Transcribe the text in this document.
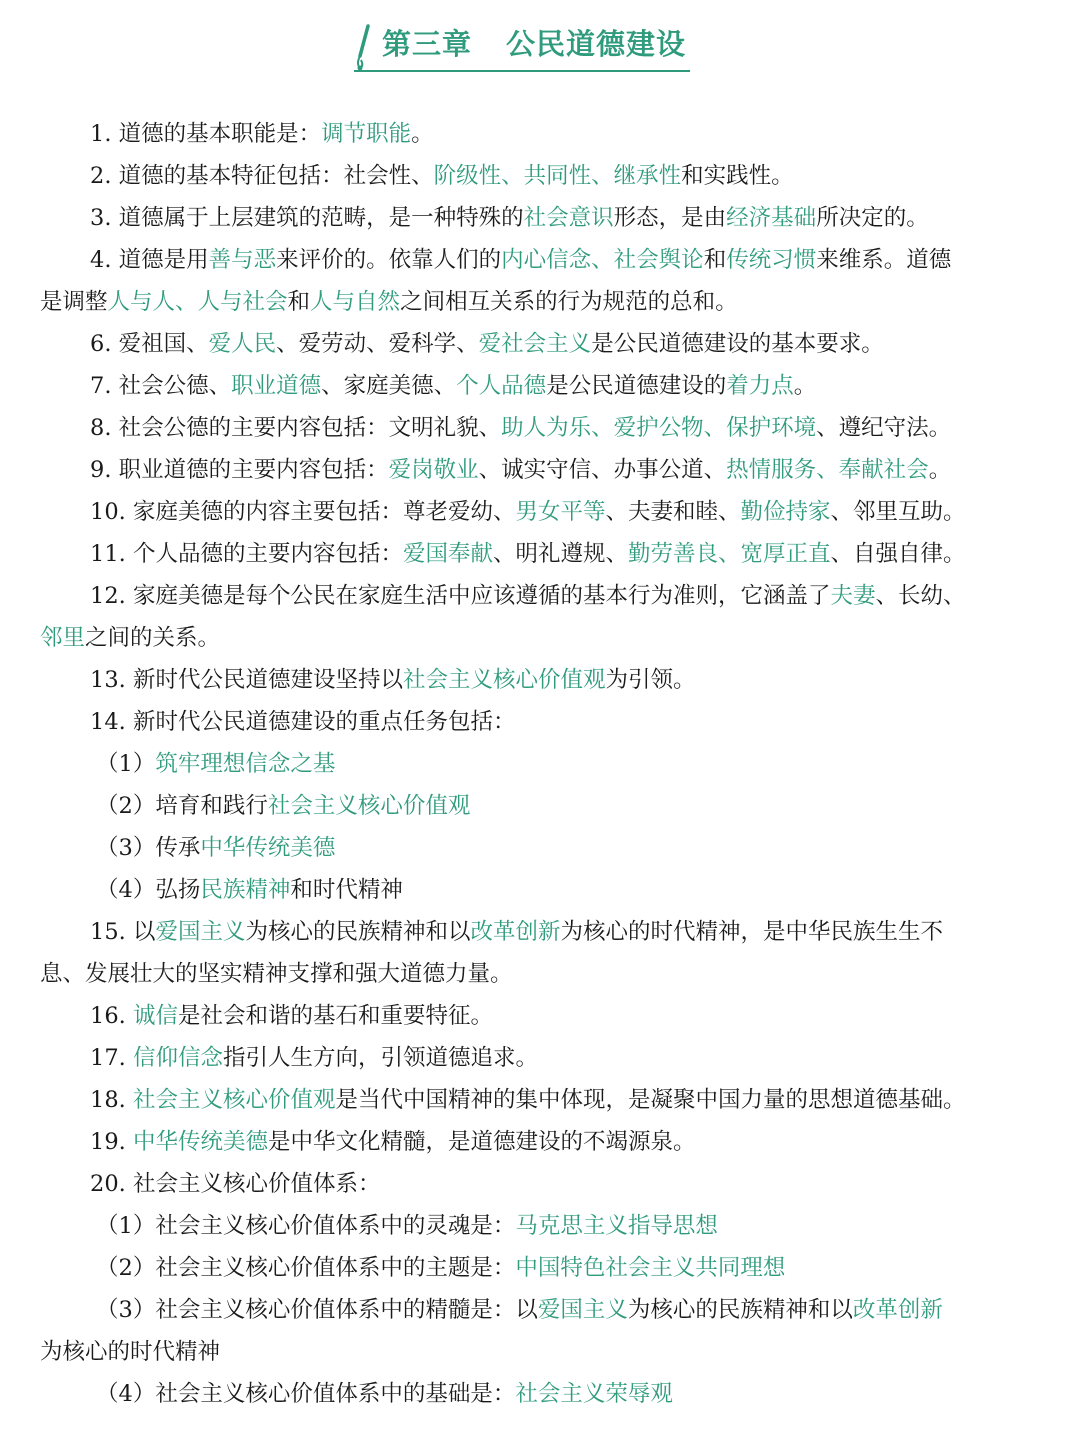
第三章 公民道德建设

1. 道德的基本职能是：调节职能。

2. 道德的基本特征包括：社会性、阶级性、共同性、继承性和实践性。

3. 道德属于上层建筑的范畴，是一种特殊的社会意识形态，是由经济基础所决定的。

4. 道德是用善与恶来评价的。依靠人们的内心信念、社会舆论和传统习惯来维系。道德

是调整人与人、人与社会和人与自然之间相互关系的行为规范的总和。

6. 爱祖国、爱人民、爱劳动、爱科学、爱社会主义是公民道德建设的基本要求。

7. 社会公德、职业道德、家庭美德、个人品德是公民道德建设的着力点。

8. 社会公德的主要内容包括：文明礼貌、助人为乐、爱护公物、保护环境、遵纪守法。

9. 职业道德的主要内容包括：爱岗敬业、诚实守信、办事公道、热情服务、奉献社会。

10. 家庭美德的内容主要包括：尊老爱幼、男女平等、夫妻和睦、勤俭持家、邻里互助。

11. 个人品德的主要内容包括：爱国奉献、明礼遵规、勤劳善良、宽厚正直、自强自律。

12. 家庭美德是每个公民在家庭生活中应该遵循的基本行为准则，它涵盖了夫妻、长幼、

邻里之间的关系。

13. 新时代公民道德建设坚持以社会主义核心价值观为引领。

14. 新时代公民道德建设的重点任务包括：

（1）筑牢理想信念之基

（2）培育和践行社会主义核心价值观

（3）传承中华传统美德

（4）弘扬民族精神和时代精神

15. 以爱国主义为核心的民族精神和以改革创新为核心的时代精神，是中华民族生生不

息、发展壮大的坚实精神支撑和强大道德力量。

16. 诚信是社会和谐的基石和重要特征。

17. 信仰信念指引人生方向，引领道德追求。

18. 社会主义核心价值观是当代中国精神的集中体现，是凝聚中国力量的思想道德基础。

19. 中华传统美德是中华文化精髓，是道德建设的不竭源泉。

20. 社会主义核心价值体系：

（1）社会主义核心价值体系中的灵魂是：马克思主义指导思想

（2）社会主义核心价值体系中的主题是：中国特色社会主义共同理想

（3）社会主义核心价值体系中的精髓是：以爱国主义为核心的民族精神和以改革创新

为核心的时代精神

（4）社会主义核心价值体系中的基础是：社会主义荣辱观
